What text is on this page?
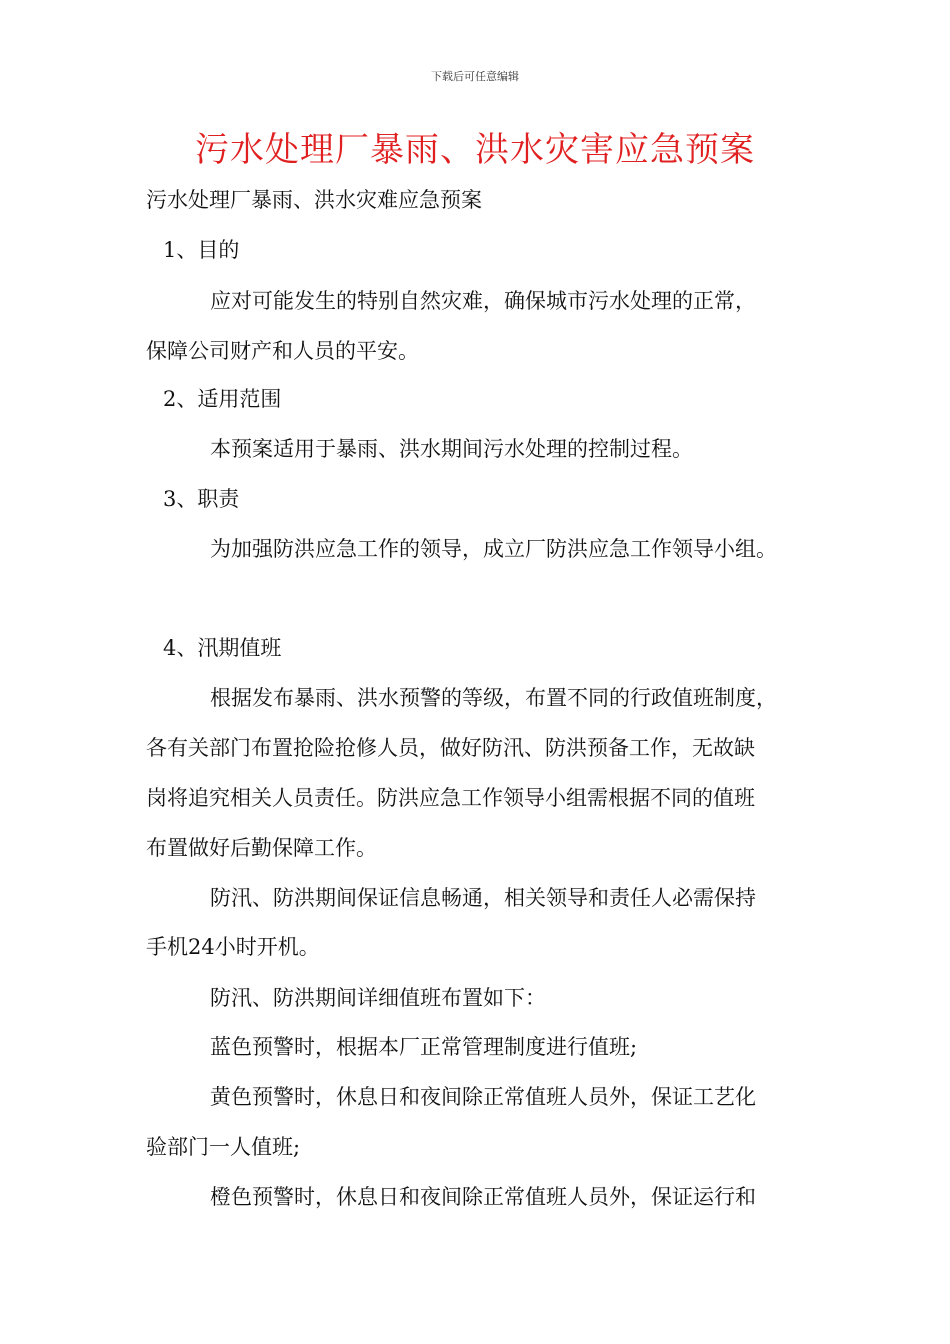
下载后可任意编辑
污水处理厂暴雨、洪水灾害应急预案
污水处理厂暴雨、洪水灾难应急预案
1、目的
应对可能发生的特别自然灾难，确保城市污水处理的正常，
保障公司财产和人员的平安。
2、适用范围
本预案适用于暴雨、洪水期间污水处理的控制过程。
3、职责
为加强防洪应急工作的领导，成立厂防洪应急工作领导小组。
4、汛期值班
根据发布暴雨、洪水预警的等级，布置不同的行政值班制度，
各有关部门布置抢险抢修人员，做好防汛、防洪预备工作，无故缺
岗将追究相关人员责任。防洪应急工作领导小组需根据不同的值班
布置做好后勤保障工作。
防汛、防洪期间保证信息畅通，相关领导和责任人必需保持
手机24小时开机。
防汛、防洪期间详细值班布置如下：
蓝色预警时，根据本厂正常管理制度进行值班;
黄色预警时，休息日和夜间除正常值班人员外，保证工艺化
验部门一人值班;
橙色预警时，休息日和夜间除正常值班人员外，保证运行和
